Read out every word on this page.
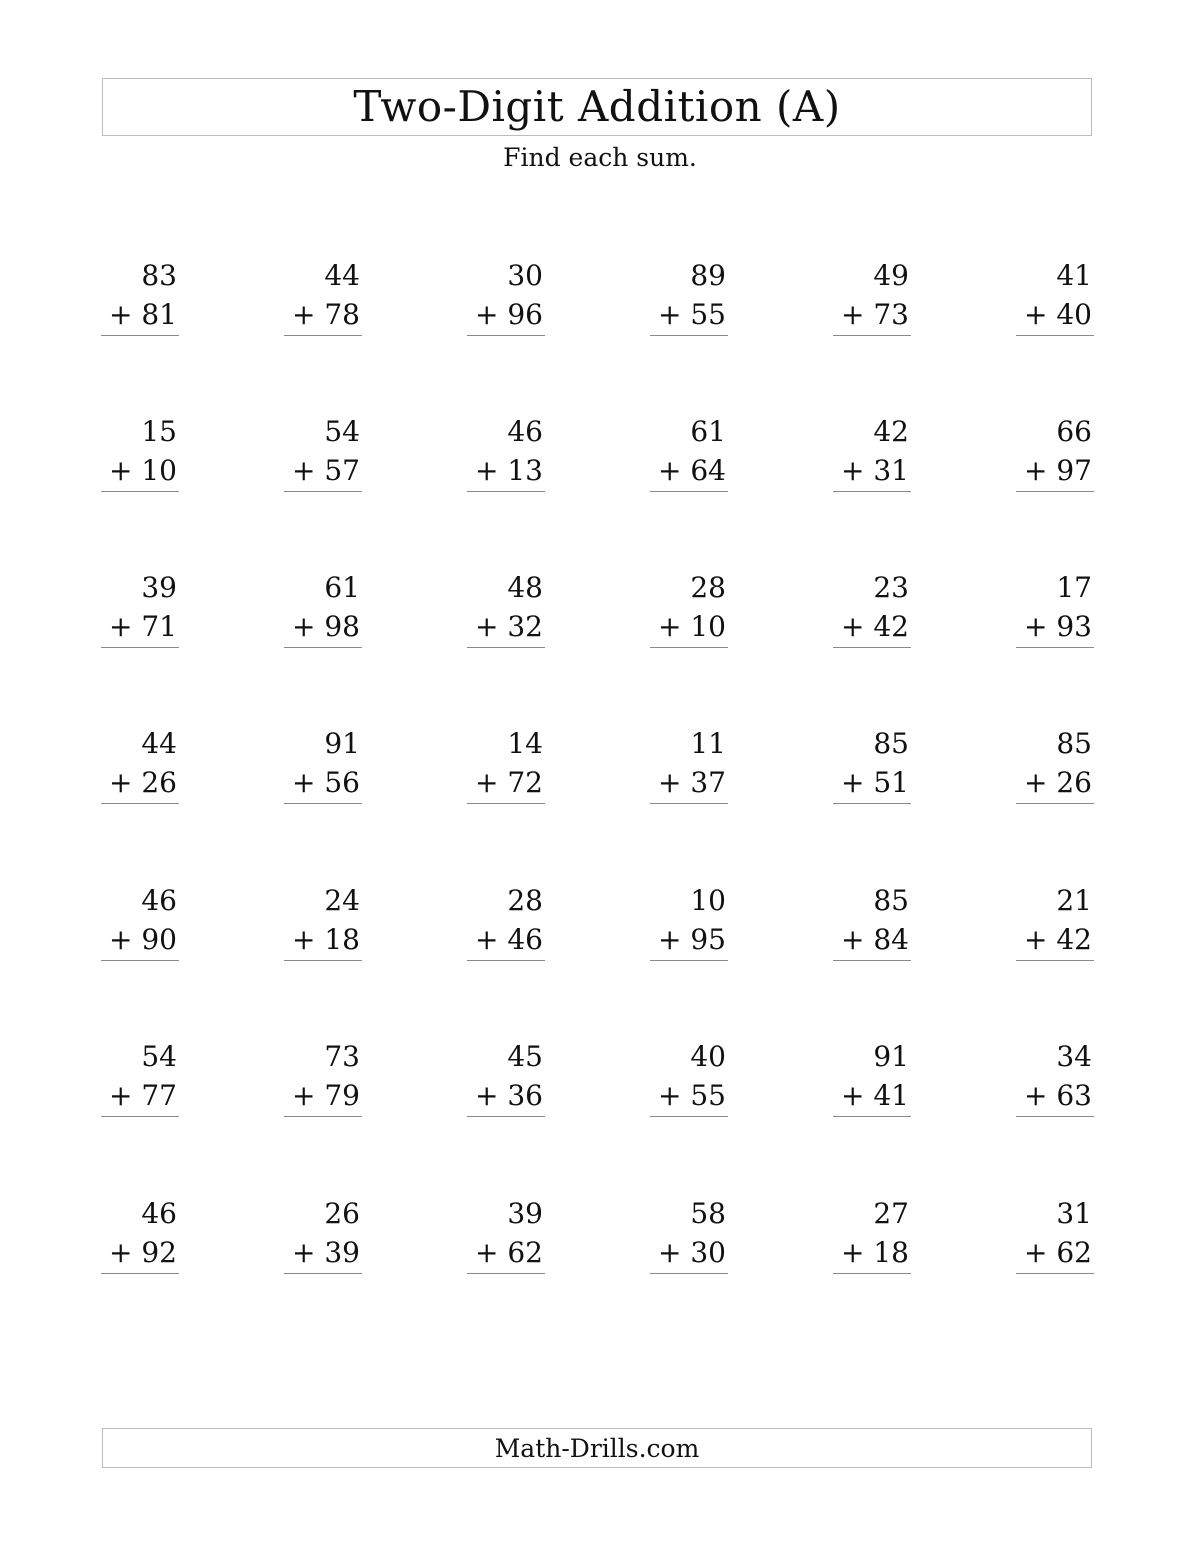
Two-Digit Addition (A)
Find each sum.
83
+ 81
44
+ 78
30
+ 96
89
+ 55
49
+ 73
41
+ 40
15
+ 10
54
+ 57
46
+ 13
61
+ 64
42
+ 31
66
+ 97
39
+ 71
61
+ 98
48
+ 32
28
+ 10
23
+ 42
17
+ 93
44
+ 26
91
+ 56
14
+ 72
11
+ 37
85
+ 51
85
+ 26
46
+ 90
24
+ 18
28
+ 46
10
+ 95
85
+ 84
21
+ 42
54
+ 77
73
+ 79
45
+ 36
40
+ 55
91
+ 41
34
+ 63
46
+ 92
26
+ 39
39
+ 62
58
+ 30
27
+ 18
31
+ 62
Math-Drills.com
